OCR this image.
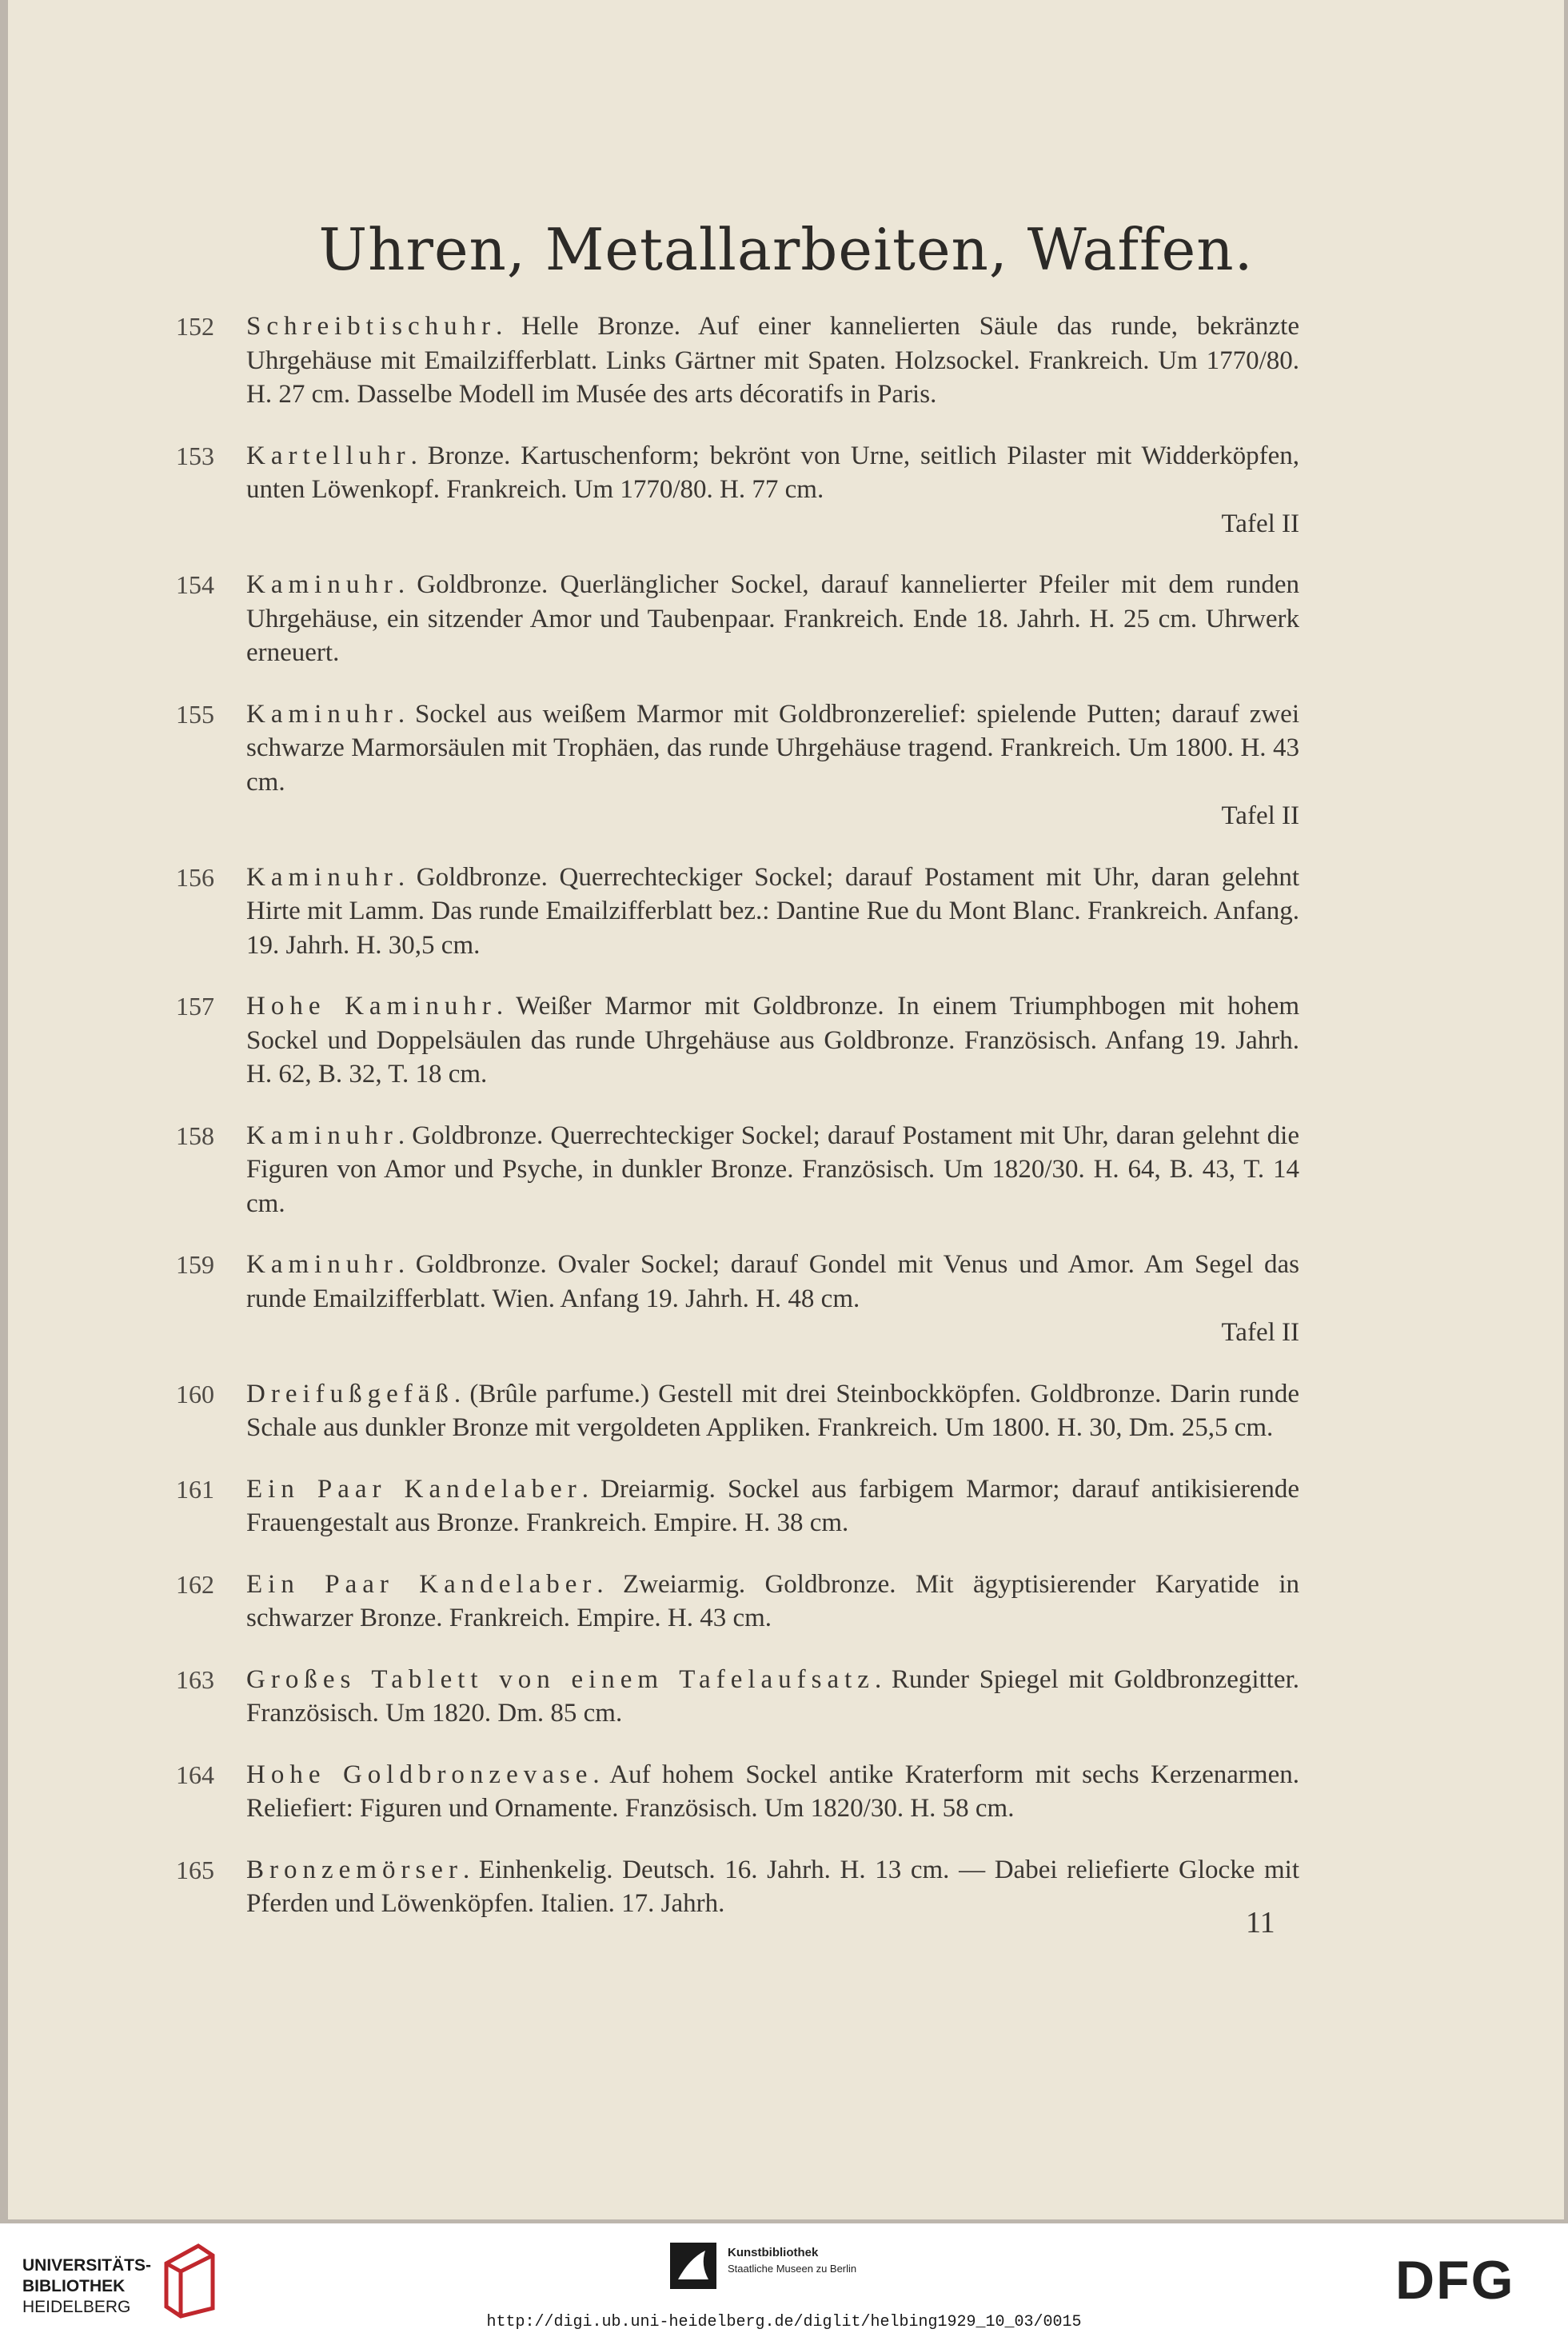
Uhren, Metallarbeiten, Waffen.
152	Schreibtischuhr. Helle Bronze. Auf einer kannelierten Säule das runde, bekränzte Uhrgehäuse mit Emailzifferblatt. Links Gärtner mit Spaten. Holzsockel. Frankreich. Um 1770/80. H. 27 cm. Dasselbe Modell im Musée des arts décoratifs in Paris.
153	Kartelluhr. Bronze. Kartuschenform; bekrönt von Urne, seitlich Pilaster mit Widderköpfen, unten Löwenkopf. Frankreich. Um 1770/80. H. 77 cm.
Tafel II
154	Kaminuhr. Goldbronze. Querlänglicher Sockel, darauf kannelierter Pfeiler mit dem runden Uhrgehäuse, ein sitzender Amor und Taubenpaar. Frankreich. Ende 18. Jahrh. H. 25 cm. Uhrwerk erneuert.
155	Kaminuhr. Sockel aus weißem Marmor mit Goldbronzerelief: spielende Putten; darauf zwei schwarze Marmorsäulen mit Trophäen, das runde Uhrgehäuse tragend. Frankreich. Um 1800. H. 43 cm.
Tafel II
156	Kaminuhr. Goldbronze. Querrechteckiger Sockel; darauf Postament mit Uhr, daran gelehnt Hirte mit Lamm. Das runde Emailzifferblatt bez.: Dantine Rue du Mont Blanc. Frankreich. Anfang. 19. Jahrh. H. 30,5 cm.
157	Hohe Kaminuhr. Weißer Marmor mit Goldbronze. In einem Triumphbogen mit hohem Sockel und Doppelsäulen das runde Uhrgehäuse aus Goldbronze. Französisch. Anfang 19. Jahrh. H. 62, B. 32, T. 18 cm.
158	Kaminuhr. Goldbronze. Querrechteckiger Sockel; darauf Postament mit Uhr, daran gelehnt die Figuren von Amor und Psyche, in dunkler Bronze. Französisch. Um 1820/30. H. 64, B. 43, T. 14 cm.
159	Kaminuhr. Goldbronze. Ovaler Sockel; darauf Gondel mit Venus und Amor. Am Segel das runde Emailzifferblatt. Wien. Anfang 19. Jahrh. H. 48 cm.
Tafel II
160	Dreifußgefäß. (Brûle parfume.) Gestell mit drei Steinbockköpfen. Goldbronze. Darin runde Schale aus dunkler Bronze mit vergoldeten Appliken. Frankreich. Um 1800. H. 30, Dm. 25,5 cm.
161	Ein Paar Kandelaber. Dreiarmig. Sockel aus farbigem Marmor; darauf antikisierende Frauengestalt aus Bronze. Frankreich. Empire. H. 38 cm.
162	Ein Paar Kandelaber. Zweiarmig. Goldbronze. Mit ägyptisierender Karyatide in schwarzer Bronze. Frankreich. Empire. H. 43 cm.
163	Großes Tablett von einem Tafelaufsatz. Runder Spiegel mit Goldbronzegitter. Französisch. Um 1820. Dm. 85 cm.
164	Hohe Goldbronzevase. Auf hohem Sockel antike Kraterform mit sechs Kerzenarmen. Reliefiert: Figuren und Ornamente. Französisch. Um 1820/30. H. 58 cm.
165	Bronzemörser. Einhenkelig. Deutsch. 16. Jahrh. H. 13 cm. — Dabei reliefierte Glocke mit Pferden und Löwenköpfen. Italien. 17. Jahrh.
11
UNIVERSITÄTS-
BIBLIOTHEK
HEIDELBERG
Kunstbibliothek
Staatliche Museen zu Berlin	DFG
http://digi.ub.uni-heidelberg.de/diglit/helbing1929_10_03/0015
